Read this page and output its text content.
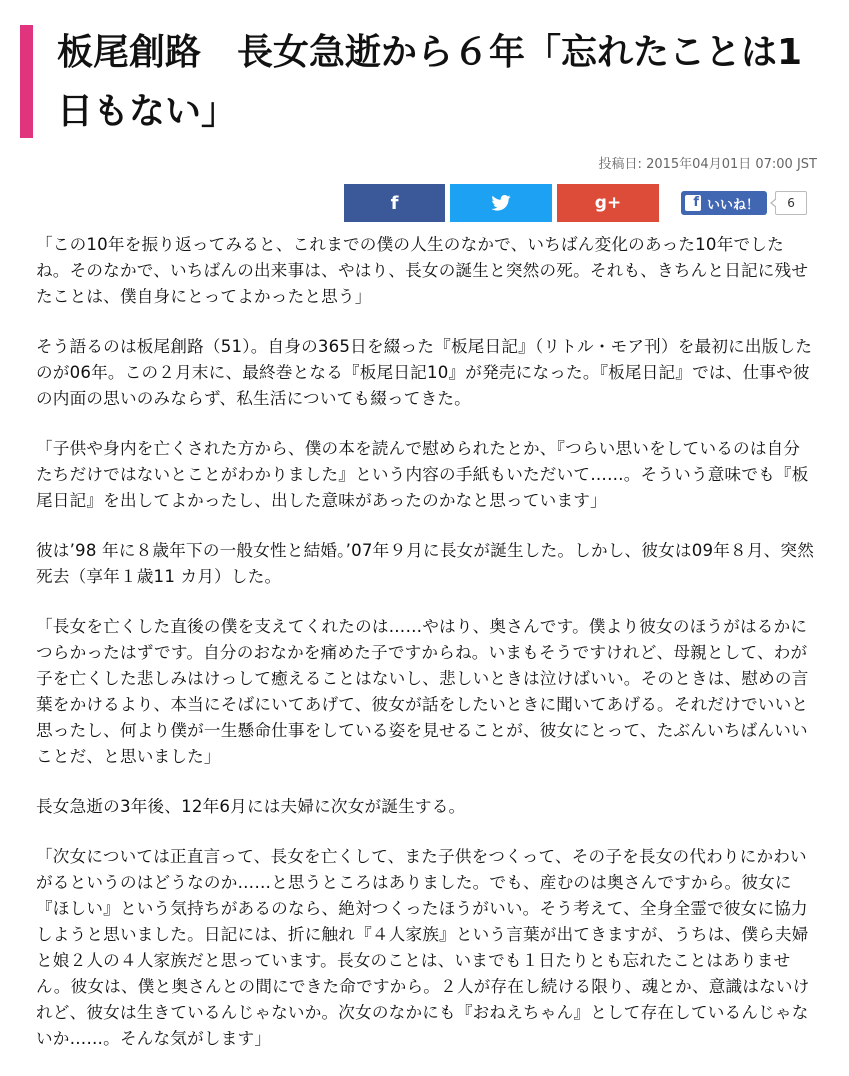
板尾創路　長女急逝から６年「忘れたことは1日もない」
投稿日: 2015年04月01日 07:00 JST
f	g+	f いいね！	6

「この10年を振り返ってみると、これまでの僕の人生のなかで、いちばん変化のあった10年でしたね。そのなかで、いちばんの出来事は、やはり、長女の誕生と突然の死。それも、きちんと日記に残せたことは、僕自身にとってよかったと思う」

そう語るのは板尾創路（51）。自身の365日を綴った『板尾日記』（リトル・モア刊）を最初に出版したのが06年。この２月末に、最終巻となる『板尾日記10』が発売になった。『板尾日記』では、仕事や彼の内面の思いのみならず、私生活についても綴ってきた。

「子供や身内を亡くされた方から、僕の本を読んで慰められたとか、『つらい思いをしているのは自分たちだけではないとことがわかりました』という内容の手紙もいただいて……。そういう意味でも『板尾日記』を出してよかったし、出した意味があったのかなと思っています」

彼は’98 年に８歳年下の一般女性と結婚。’07年９月に長女が誕生した。しかし、彼女は09年８月、突然死去（享年１歳11 カ月）した。

「長女を亡くした直後の僕を支えてくれたのは……やはり、奥さんです。僕より彼女のほうがはるかにつらかったはずです。自分のおなかを痛めた子ですからね。いまもそうですけれど、母親として、わが子を亡くした悲しみはけっして癒えることはないし、悲しいときは泣けばいい。そのときは、慰めの言葉をかけるより、本当にそばにいてあげて、彼女が話をしたいときに聞いてあげる。それだけでいいと思ったし、何より僕が一生懸命仕事をしている姿を見せることが、彼女にとって、たぶんいちばんいいことだ、と思いました」

長女急逝の3年後、12年6月には夫婦に次女が誕生する。

「次女については正直言って、長女を亡くして、また子供をつくって、その子を長女の代わりにかわいがるというのはどうなのか……と思うところはありました。でも、産むのは奥さんですから。彼女に『ほしい』という気持ちがあるのなら、絶対つくったほうがいい。そう考えて、全身全霊で彼女に協力しようと思いました。日記には、折に触れ『４人家族』という言葉が出てきますが、うちは、僕ら夫婦と娘２人の４人家族だと思っています。長女のことは、いまでも１日たりとも忘れたことはありません。彼女は、僕と奥さんとの間にできた命ですから。２人が存在し続ける限り、魂とか、意識はないけれど、彼女は生きているんじゃないか。次女のなかにも『おねえちゃん』として存在しているんじゃないか……。そんな気がします」
